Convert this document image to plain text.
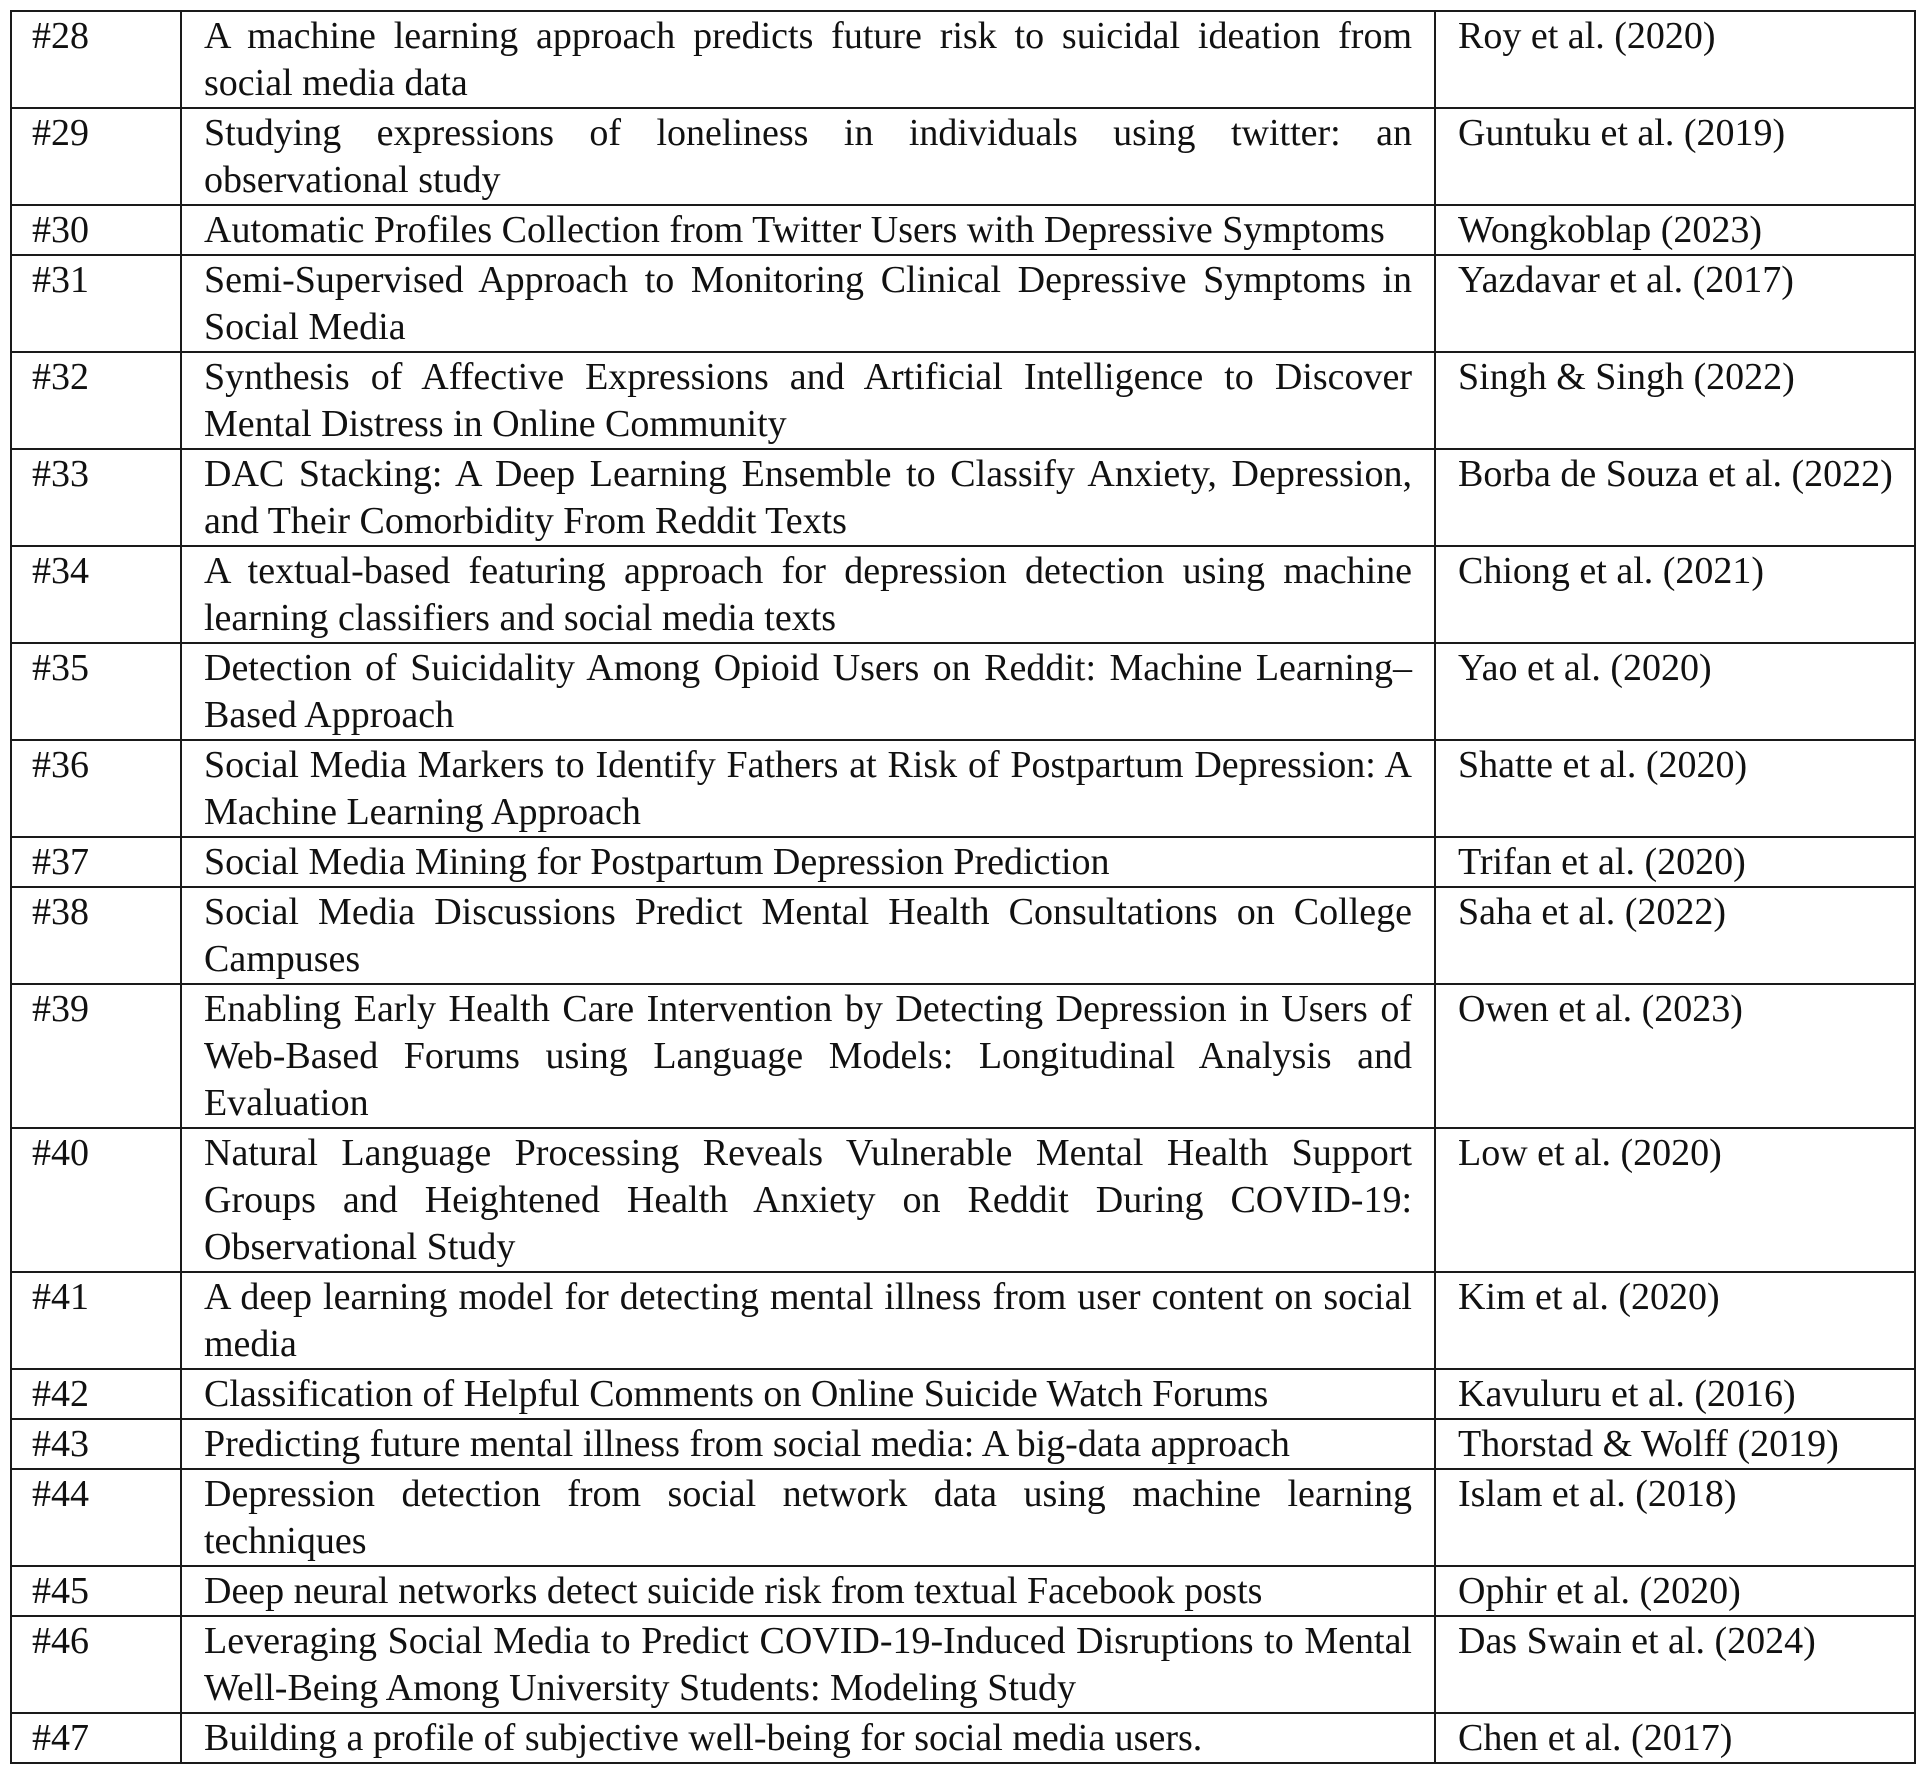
#28	A machine learning approach predicts future risk to suicidal ideation from social media data	Roy et al. (2020)
#29	Studying expressions of loneliness in individuals using twitter: an observational study	Guntuku et al. (2019)
#30	Automatic Profiles Collection from Twitter Users with Depressive Symptoms	Wongkoblap (2023)
#31	Semi-Supervised Approach to Monitoring Clinical Depressive Symptoms in Social Media	Yazdavar et al. (2017)
#32	Synthesis of Affective Expressions and Artificial Intelligence to Discover Mental Distress in Online Community	Singh & Singh (2022)
#33	DAC Stacking: A Deep Learning Ensemble to Classify Anxiety, Depression, and Their Comorbidity From Reddit Texts	Borba de Souza et al. (2022)
#34	A textual-based featuring approach for depression detection using machine learning classifiers and social media texts	Chiong et al. (2021)
#35	Detection of Suicidality Among Opioid Users on Reddit: Machine Learning–Based Approach	Yao et al. (2020)
#36	Social Media Markers to Identify Fathers at Risk of Postpartum Depression: A Machine Learning Approach	Shatte et al. (2020)
#37	Social Media Mining for Postpartum Depression Prediction	Trifan et al. (2020)
#38	Social Media Discussions Predict Mental Health Consultations on College Campuses	Saha et al. (2022)
#39	Enabling Early Health Care Intervention by Detecting Depression in Users of Web-Based Forums using Language Models: Longitudinal Analysis and Evaluation	Owen et al. (2023)
#40	Natural Language Processing Reveals Vulnerable Mental Health Support Groups and Heightened Health Anxiety on Reddit During COVID-19: Observational Study	Low et al. (2020)
#41	A deep learning model for detecting mental illness from user content on social media	Kim et al. (2020)
#42	Classification of Helpful Comments on Online Suicide Watch Forums	Kavuluru et al. (2016)
#43	Predicting future mental illness from social media: A big-data approach	Thorstad & Wolff (2019)
#44	Depression detection from social network data using machine learning techniques	Islam et al. (2018)
#45	Deep neural networks detect suicide risk from textual Facebook posts	Ophir et al. (2020)
#46	Leveraging Social Media to Predict COVID-19-Induced Disruptions to Mental Well-Being Among University Students: Modeling Study	Das Swain et al. (2024)
#47	Building a profile of subjective well-being for social media users.	Chen et al. (2017)
